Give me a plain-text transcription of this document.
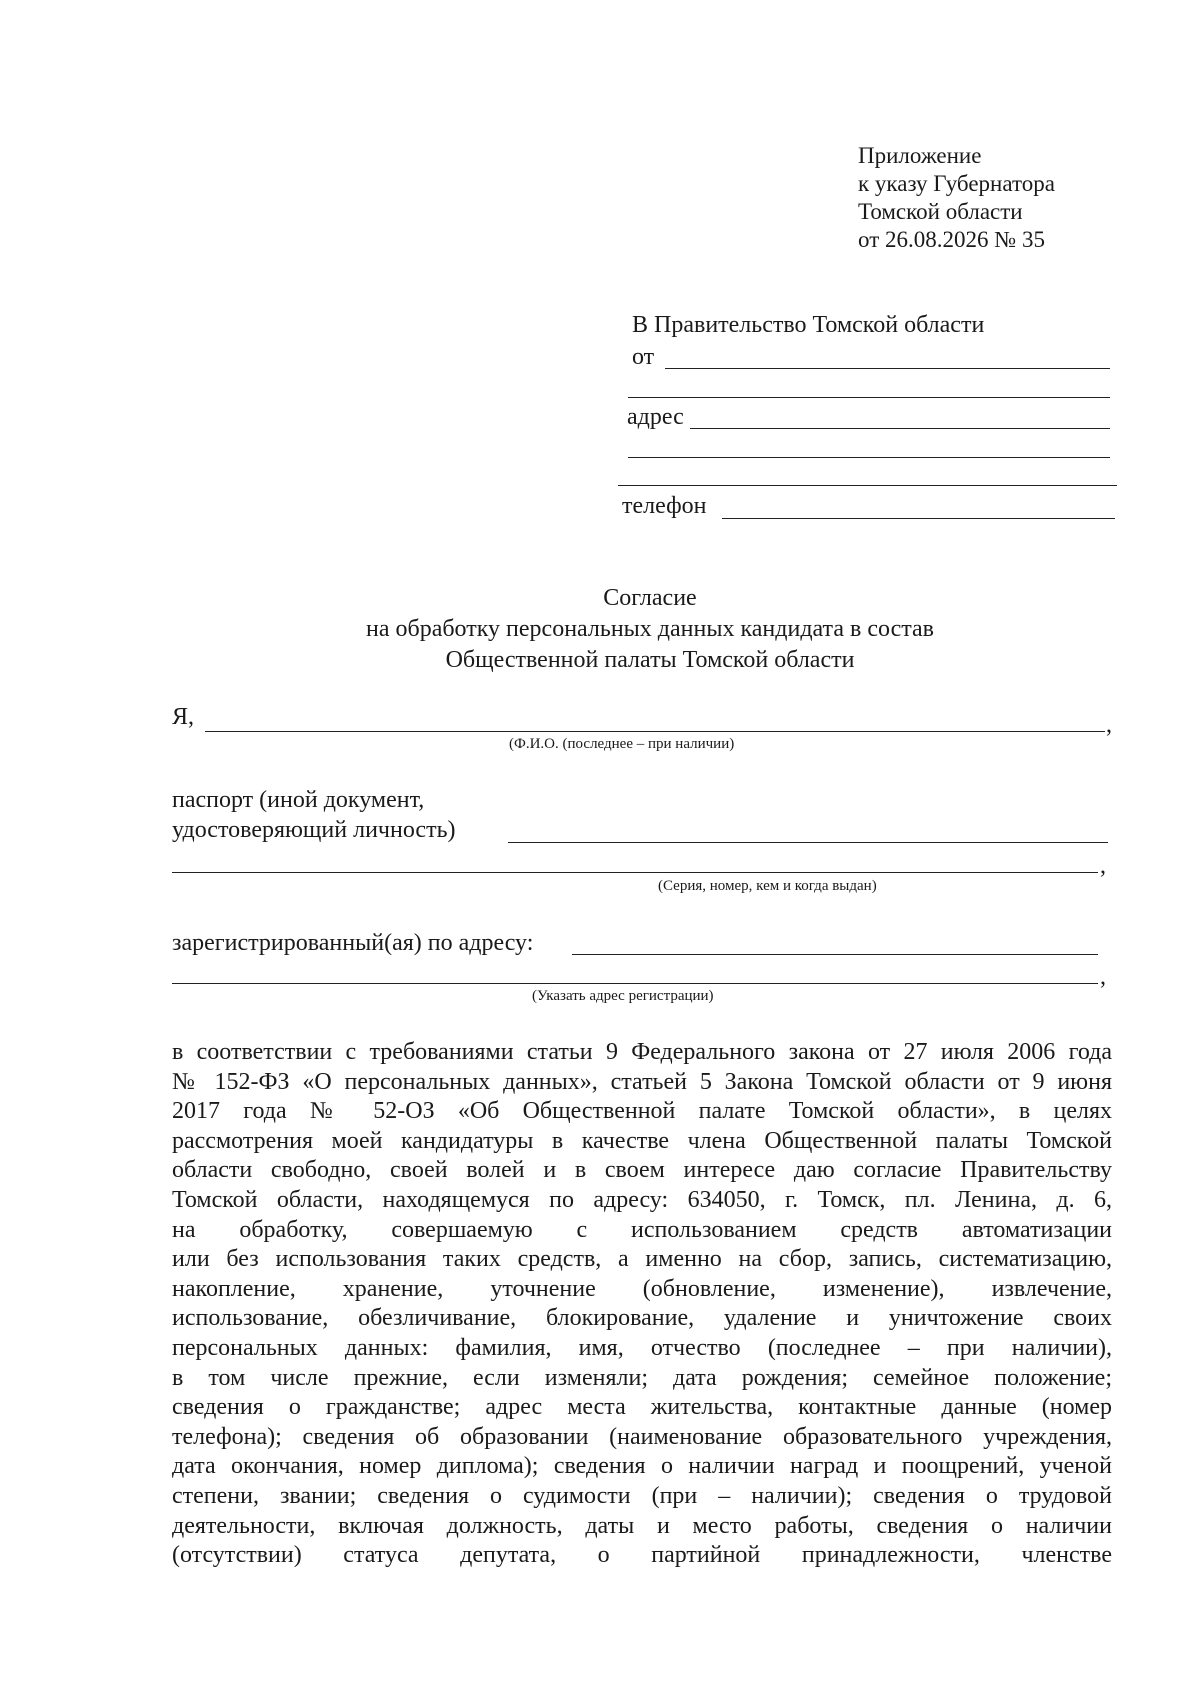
Приложение
к указу Губернатора
Томской области
от 26.08.2026 № 35
В Правительство Томской области
от
адрес
телефон
Согласие
на обработку персональных данных кандидата в состав
Общественной палаты Томской области
Я,	,
(Ф.И.О. (последнее – при наличии)
паспорт (иной документ,
удостоверяющий личность)
,
(Серия, номер, кем и когда выдан)
зарегистрированный(ая) по адресу:
,
(Указать адрес регистрации)
в соответствии с требованиями статьи 9 Федерального закона от 27 июля 2006 года
№ 152-ФЗ «О персональных данных», статьей 5 Закона Томской области от 9 июня
2017 года № 52-ОЗ «Об Общественной палате Томской области», в целях
рассмотрения моей кандидатуры в качестве члена Общественной палаты Томской
области свободно, своей волей и в своем интересе даю согласие Правительству
Томской области, находящемуся по адресу: 634050, г. Томск, пл. Ленина, д. 6,
на обработку, совершаемую с использованием средств автоматизации
или без использования таких средств, а именно на сбор, запись, систематизацию,
накопление, хранение, уточнение (обновление, изменение), извлечение,
использование, обезличивание, блокирование, удаление и уничтожение своих
персональных данных: фамилия, имя, отчество (последнее – при наличии),
в том числе прежние, если изменяли; дата рождения; семейное положение;
сведения о гражданстве; адрес места жительства, контактные данные (номер
телефона); сведения об образовании (наименование образовательного учреждения,
дата окончания, номер диплома); сведения о наличии наград и поощрений, ученой
степени, звании; сведения о судимости (при – наличии); сведения о трудовой
деятельности, включая должность, даты и место работы, сведения о наличии
(отсутствии) статуса депутата, о партийной принадлежности, членстве
